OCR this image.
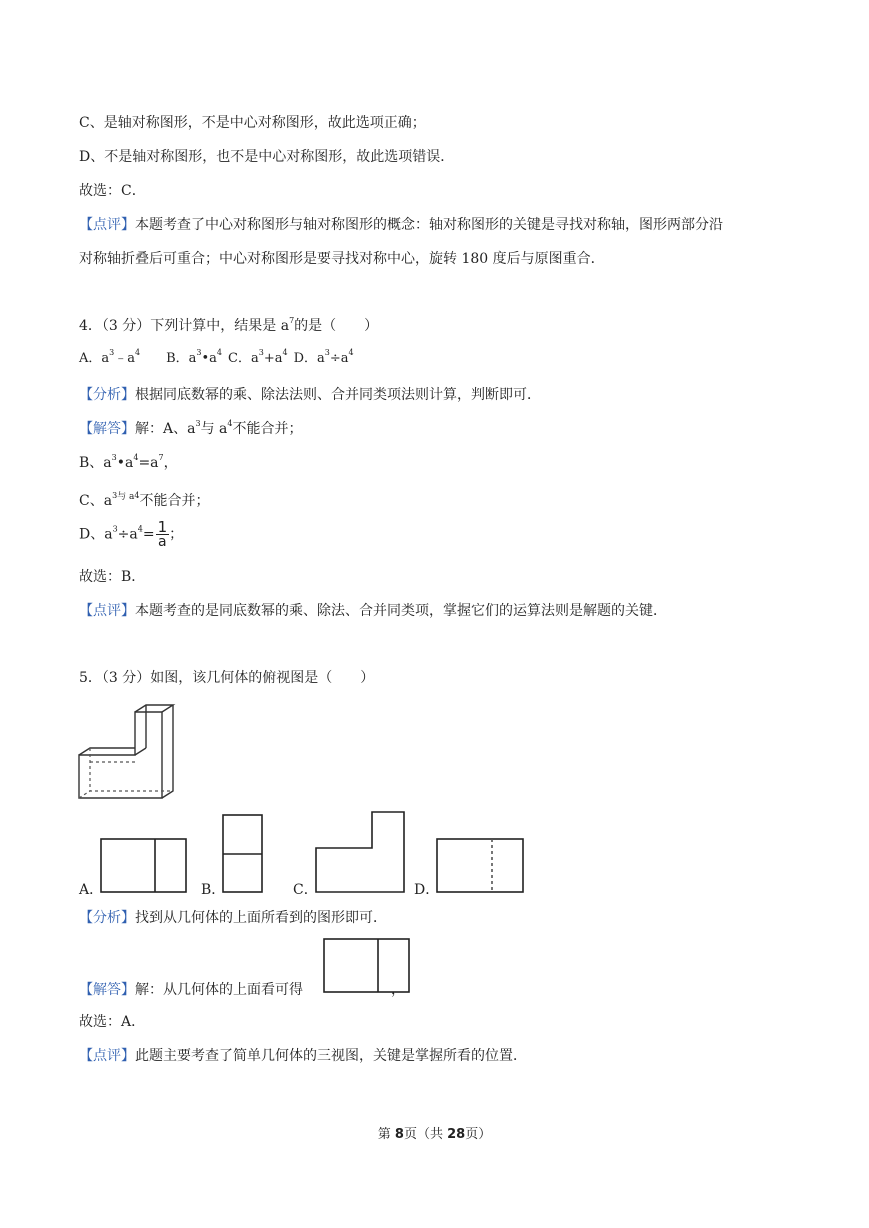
C、是轴对称图形，不是中心对称图形，故此选项正确；
D、不是轴对称图形，也不是中心对称图形，故此选项错误．
故选：C．
【点评】本题考查了中心对称图形与轴对称图形的概念：轴对称图形的关键是寻找对称轴，图形两部分沿
对称轴折叠后可重合；中心对称图形是要寻找对称中心，旋转 180 度后与原图重合．
4．（3 分）下列计算中，结果是 $a^7$的是（　　）
A．$a^3﹣a^4$ B．$a^3•a^4$ C．$a^3+a^4$ D．$a^3\div a^4$
【分析】根据同底数幂的乘、除法法则、合并同类项法则计算，判断即可．
【解答】解：A、$a^3$与 $a^4$不能合并；
B、$a^3•a^4=a^7$，
C、$a^{3与 a4}$不能合并；
D、$a^3\div a^4= \frac{1}{a}$ ；
故选：B．
【点评】本题考查的是同底数幂的乘、除法、合并同类项，掌握它们的运算法则是解题的关键．
5．（3 分）如图，该几何体的俯视图是（　　）
A．	B．	C．	D．
【分析】找到从几何体的上面所看到的图形即可．
【解答】解：从几何体的上面看可得	，
故选：A．
【点评】此题主要考查了简单几何体的三视图，关键是掌握所看的位置．
第 8页（共 28页）
